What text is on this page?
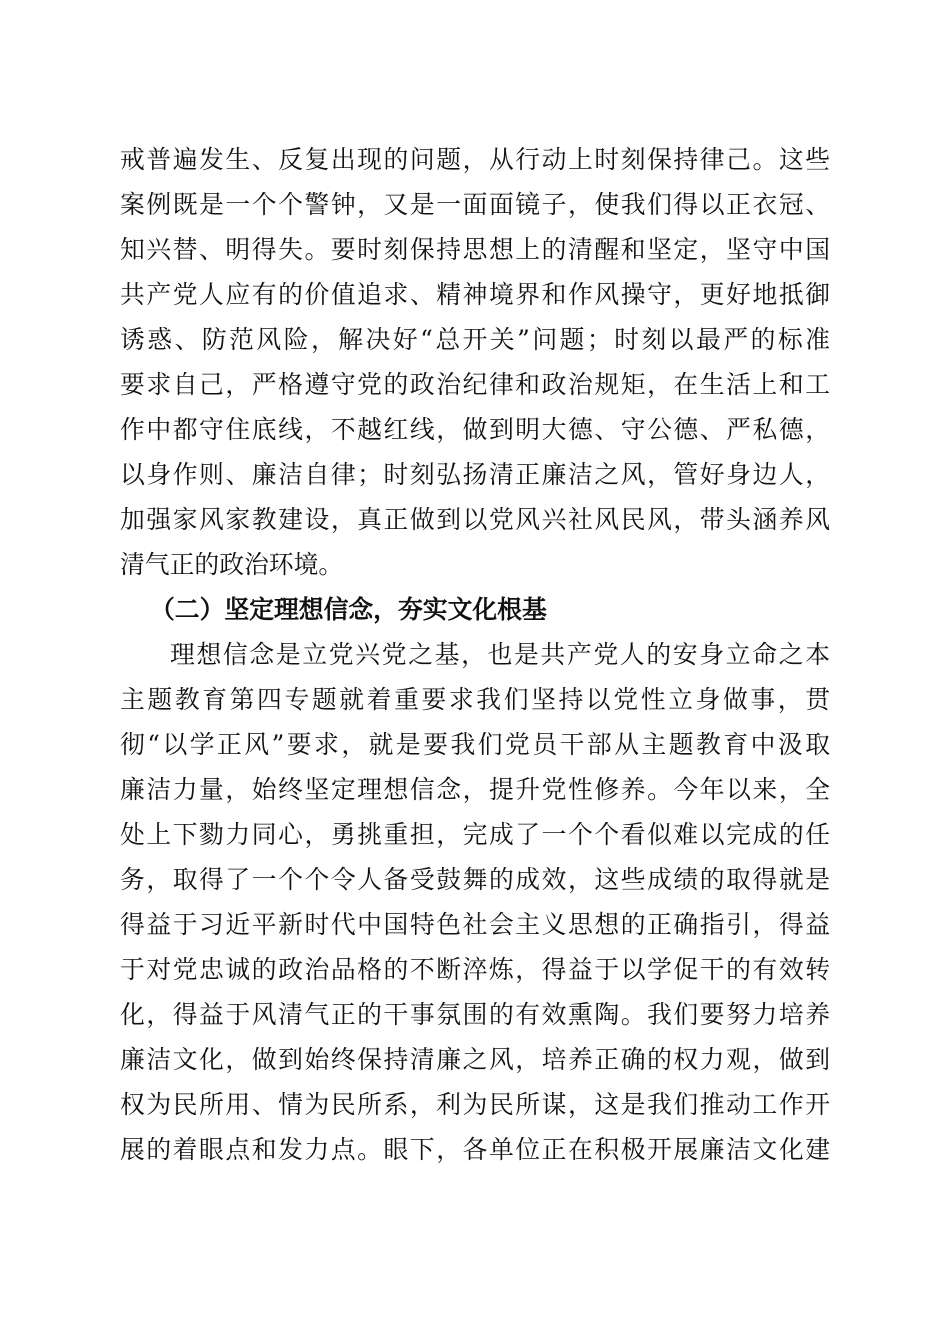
戒普遍发生、反复出现的问题，从行动上时刻保持律己。这些
案例既是一个个警钟，又是一面面镜子，使我们得以正衣冠、
知兴替、明得失。要时刻保持思想上的清醒和坚定，坚守中国
共产党人应有的价值追求、精神境界和作风操守，更好地抵御
诱惑、防范风险，解决好“总开关”问题；时刻以最严的标准
要求自己，严格遵守党的政治纪律和政治规矩，在生活上和工
作中都守住底线，不越红线，做到明大德、守公德、严私德，
以身作则、廉洁自律；时刻弘扬清正廉洁之风，管好身边人，
加强家风家教建设，真正做到以党风兴社风民风，带头涵养风
清气正的政治环境。
（二）坚定理想信念，夯实文化根基
理想信念是立党兴党之基，也是共产党人的安身立命之本
主题教育第四专题就着重要求我们坚持以党性立身做事，贯
彻“以学正风”要求，就是要我们党员干部从主题教育中汲取
廉洁力量，始终坚定理想信念，提升党性修养。今年以来，全
处上下勠力同心，勇挑重担，完成了一个个看似难以完成的任
务，取得了一个个令人备受鼓舞的成效，这些成绩的取得就是
得益于习近平新时代中国特色社会主义思想的正确指引，得益
于对党忠诚的政治品格的不断淬炼，得益于以学促干的有效转
化，得益于风清气正的干事氛围的有效熏陶。我们要努力培养
廉洁文化，做到始终保持清廉之风，培养正确的权力观，做到
权为民所用、情为民所系，利为民所谋，这是我们推动工作开
展的着眼点和发力点。眼下，各单位正在积极开展廉洁文化建
